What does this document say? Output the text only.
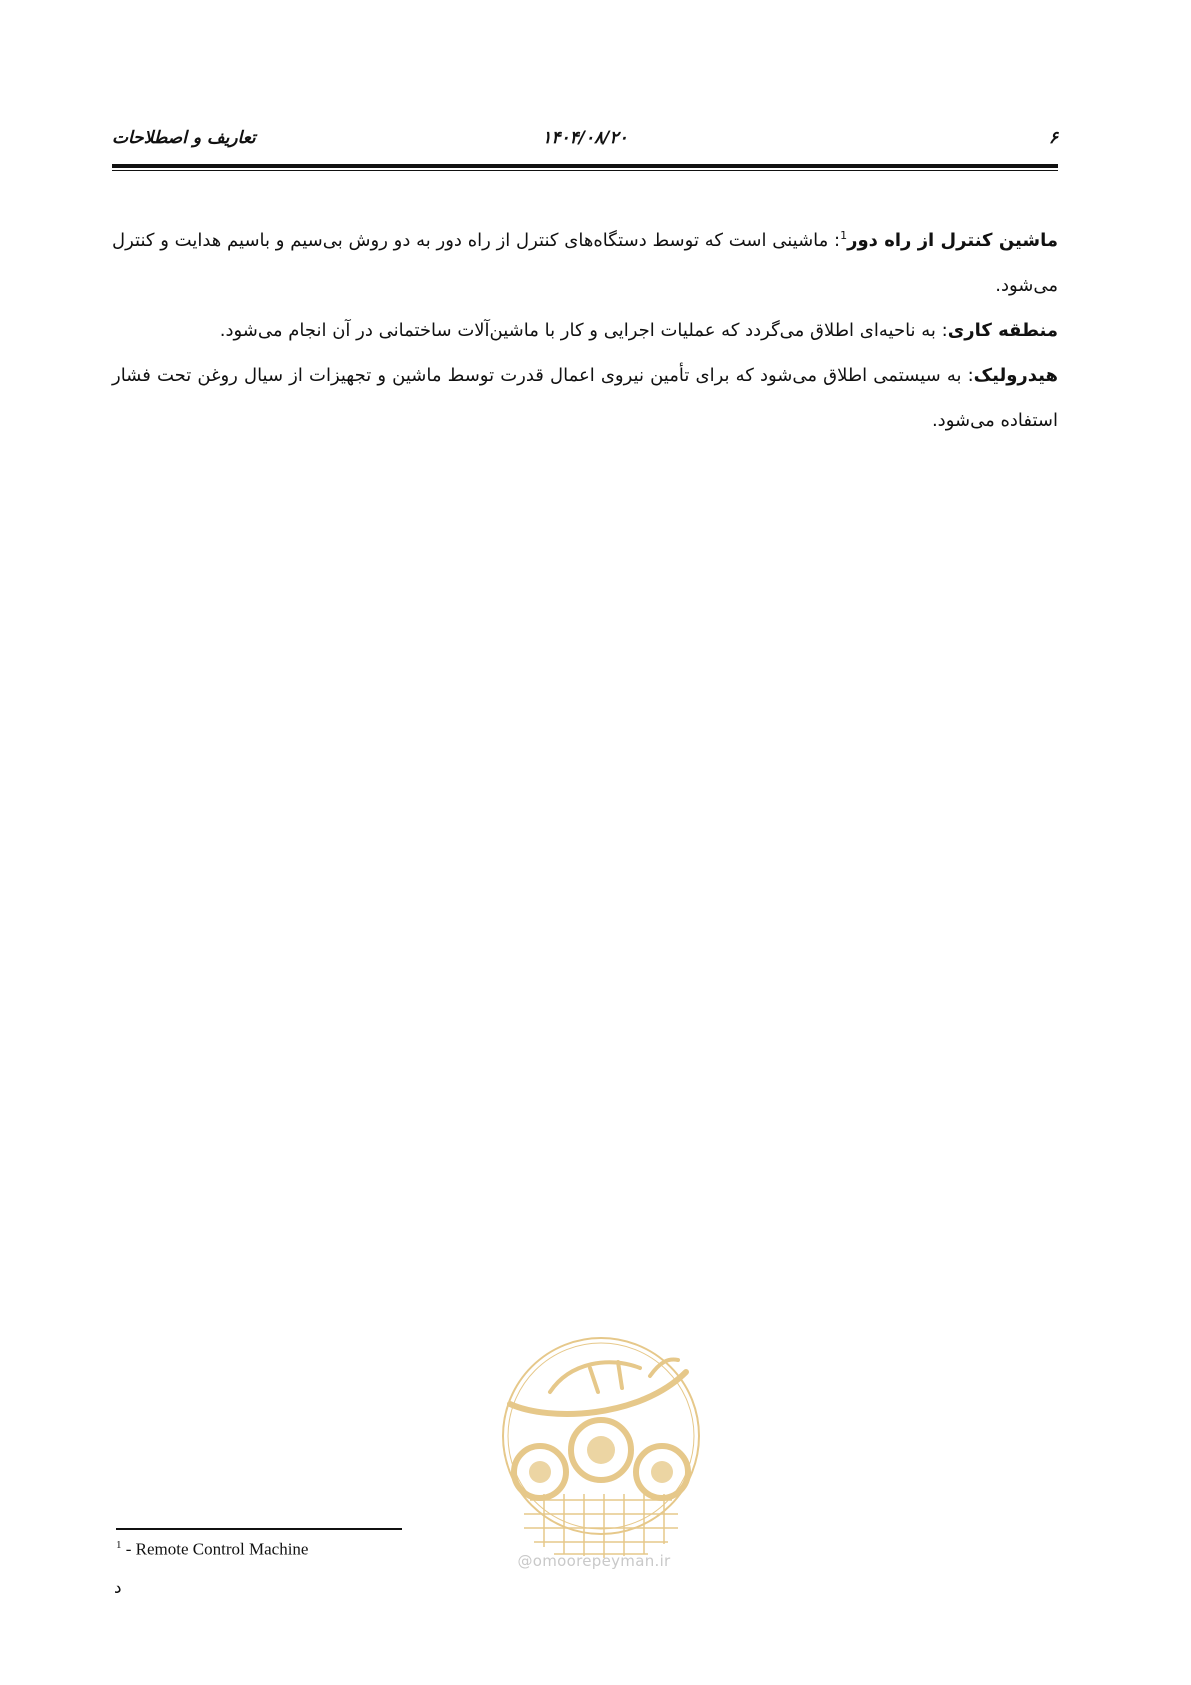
تعاریف و اصطلاحات	۱۴۰۴/۰۸/۲۰	۶

ماشین کنترل از راه دور$^1$: ماشینی است که توسط دستگاه‌های کنترل از راه دور به دو روش بی‌سیم و باسیم هدایت و کنترل می‌شود.

منطقه کاری: به ناحیه‌ای اطلاق می‌گردد که عملیات اجرایی و کار با ماشین‌آلات ساختمانی در آن انجام می‌شود.

هیدرولیک: به سیستمی اطلاق می‌شود که برای تأمین نیروی اعمال قدرت توسط ماشین و تجهیزات از سیال روغن تحت فشار استفاده می‌شود.

@omoorepeyman.ir
$^1$ - Remote Control Machine
د
